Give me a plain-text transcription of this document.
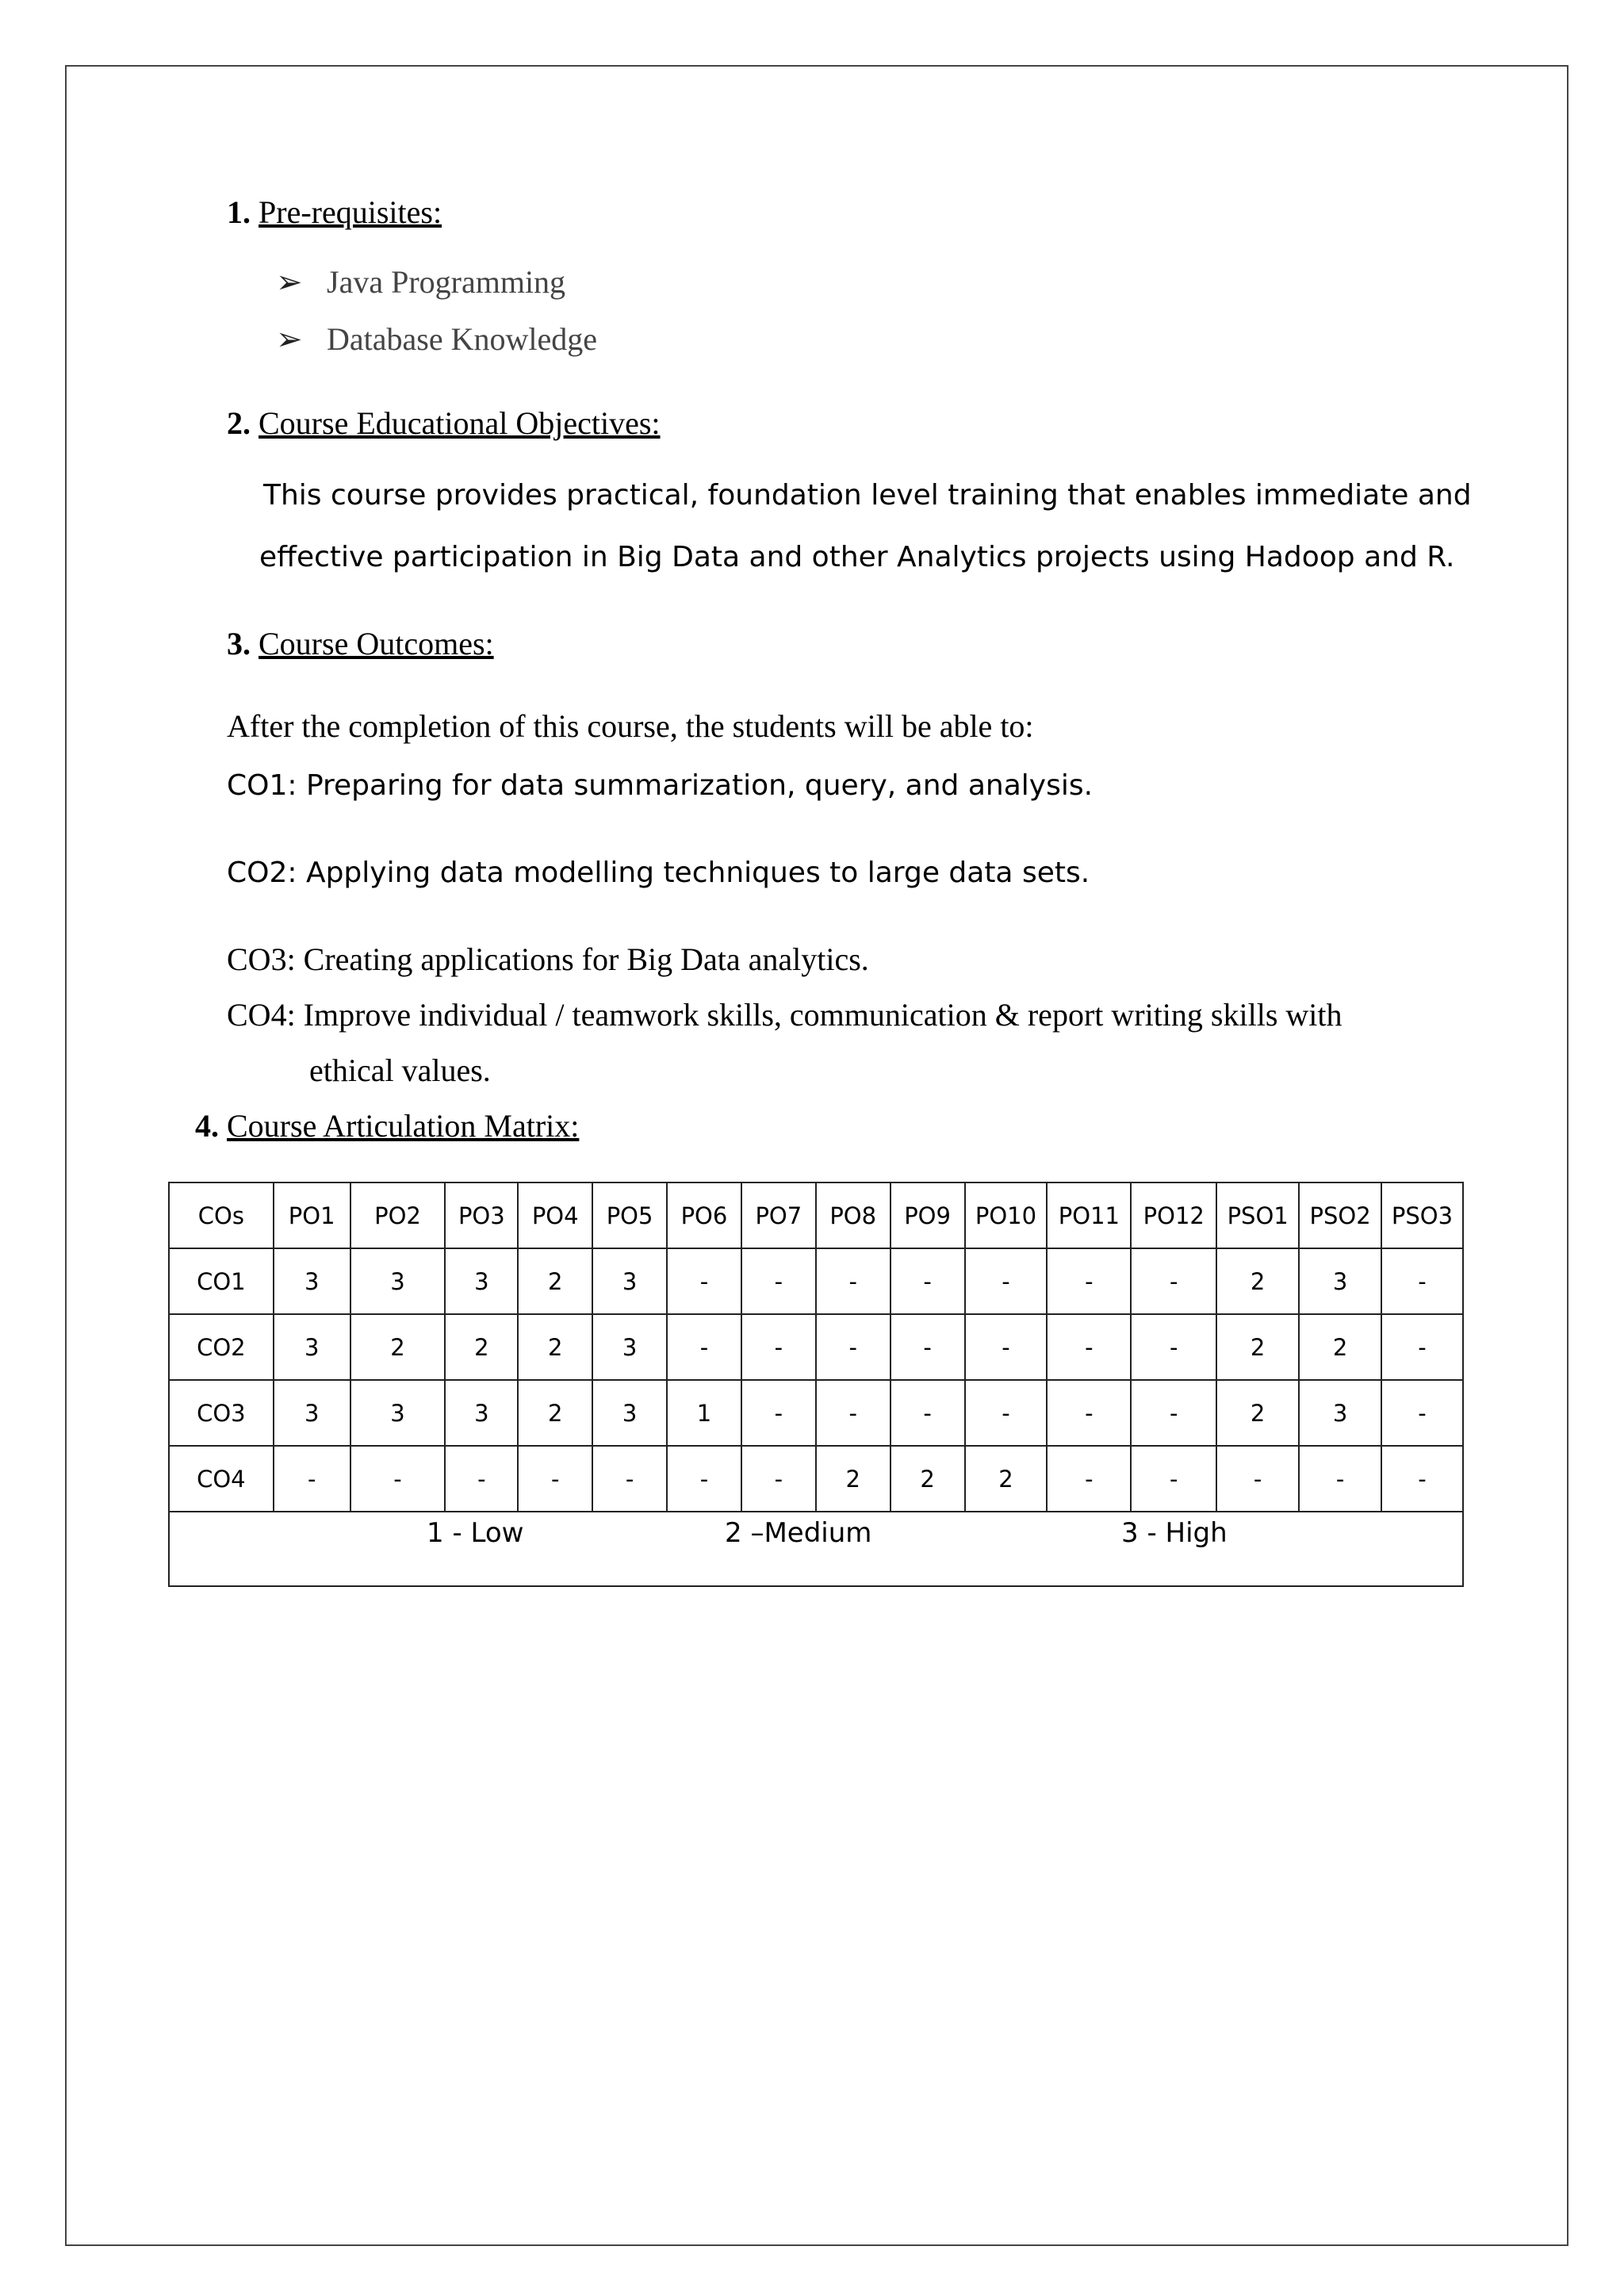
1. Pre-requisites:
➢ Java Programming
➢ Database Knowledge
2. Course Educational Objectives:
This course provides practical, foundation level training that enables immediate and
effective participation in Big Data and other Analytics projects using Hadoop and R.
3. Course Outcomes:
After the completion of this course, the students will be able to:
CO1: Preparing for data summarization, query, and analysis.
CO2: Applying data modelling techniques to large data sets.
CO3: Creating applications for Big Data analytics.
CO4: Improve individual / teamwork skills, communication & report writing skills with
ethical values.
4. Course Articulation Matrix:
COs	PO1	PO2	PO3	PO4	PO5	PO6	PO7	PO8	PO9	PO10	PO11	PO12	PSO1	PSO2	PSO3
CO1	3	3	3	2	3	-	-	-	-	-	-	-	2	3	-
CO2	3	2	2	2	3	-	-	-	-	-	-	-	2	2	-
CO3	3	3	3	2	3	1	-	-	-	-	-	-	2	3	-
CO4	-	-	-	-	-	-	-	2	2	2	-	-	-	-	-

1 - Low 2 –Medium 3 - High															
